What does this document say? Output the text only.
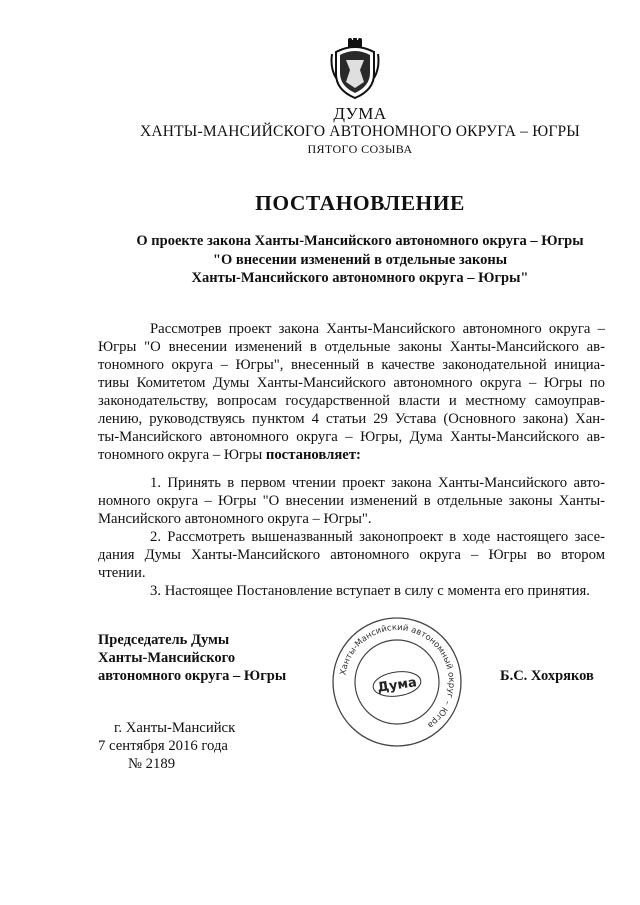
ДУМА
ХАНТЫ-МАНСИЙСКОГО АВТОНОМНОГО ОКРУГА – ЮГРЫ
ПЯТОГО СОЗЫВА
ПОСТАНОВЛЕНИЕ
О проекте закона Ханты-Мансийского автономного округа – Югры
"О внесении изменений в отдельные законы
Ханты-Мансийского автономного округа – Югры"
Рассмотрев проект закона Ханты-Мансийского автономного округа –
Югры "О внесении изменений в отдельные законы Ханты-Мансийского ав-
тономного округа – Югры", внесенный в качестве законодательной инициа-
тивы Комитетом Думы Ханты-Мансийского автономного округа – Югры по
законодательству, вопросам государственной власти и местному самоуправ-
лению, руководствуясь пунктом 4 статьи 29 Устава (Основного закона) Хан-
ты-Мансийского автономного округа – Югры, Дума Ханты-Мансийского ав-
тономного округа – Югры постановляет:
1. Принять в первом чтении проект закона Ханты-Мансийского авто-
номного округа – Югры "О внесении изменений в отдельные законы Ханты-
Мансийского автономного округа – Югры".
2. Рассмотреть вышеназванный законопроект в ходе настоящего засе-
дания Думы Ханты-Мансийского автономного округа – Югры во втором
чтении.
3. Настоящее Постановление вступает в силу с момента его принятия.
Председатель Думы
Ханты-Мансийского
автономного округа – Югры	Б.С. Хохряков
Ханты-Мансийский автономный округ – Югра
Дума
г. Ханты-Мансийск
7 сентября 2016 года
№ 2189
